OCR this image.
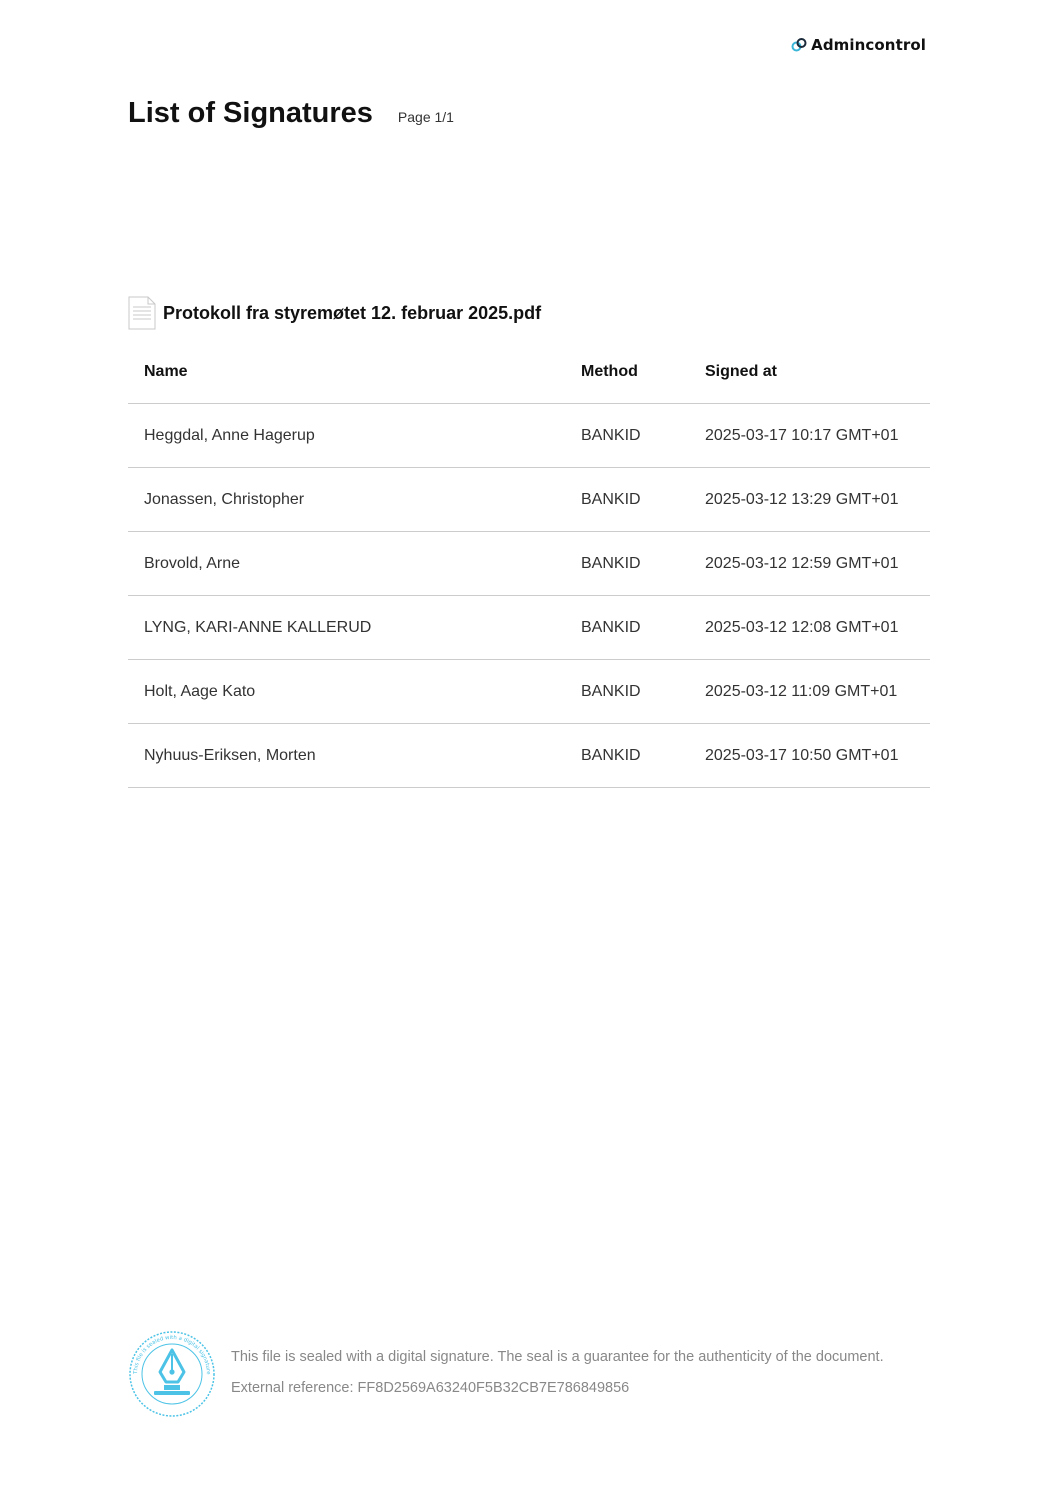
Admincontrol
List of Signatures Page 1/1
Protokoll fra styremøtet 12. februar 2025.pdf
Name	Method	Signed at
Heggdal, Anne Hagerup	BANKID	2025-03-17 10:17 GMT+01
Jonassen, Christopher	BANKID	2025-03-12 13:29 GMT+01
Brovold, Arne	BANKID	2025-03-12 12:59 GMT+01
LYNG, KARI-ANNE KALLERUD	BANKID	2025-03-12 12:08 GMT+01
Holt, Aage Kato	BANKID	2025-03-12 11:09 GMT+01
Nyhuus-Eriksen, Morten	BANKID	2025-03-17 10:50 GMT+01
This file is sealed with a digital signature
This file is sealed with a digital signature. The seal is a guarantee for the authenticity of the document.
External reference: FF8D2569A63240F5B32CB7E786849856
